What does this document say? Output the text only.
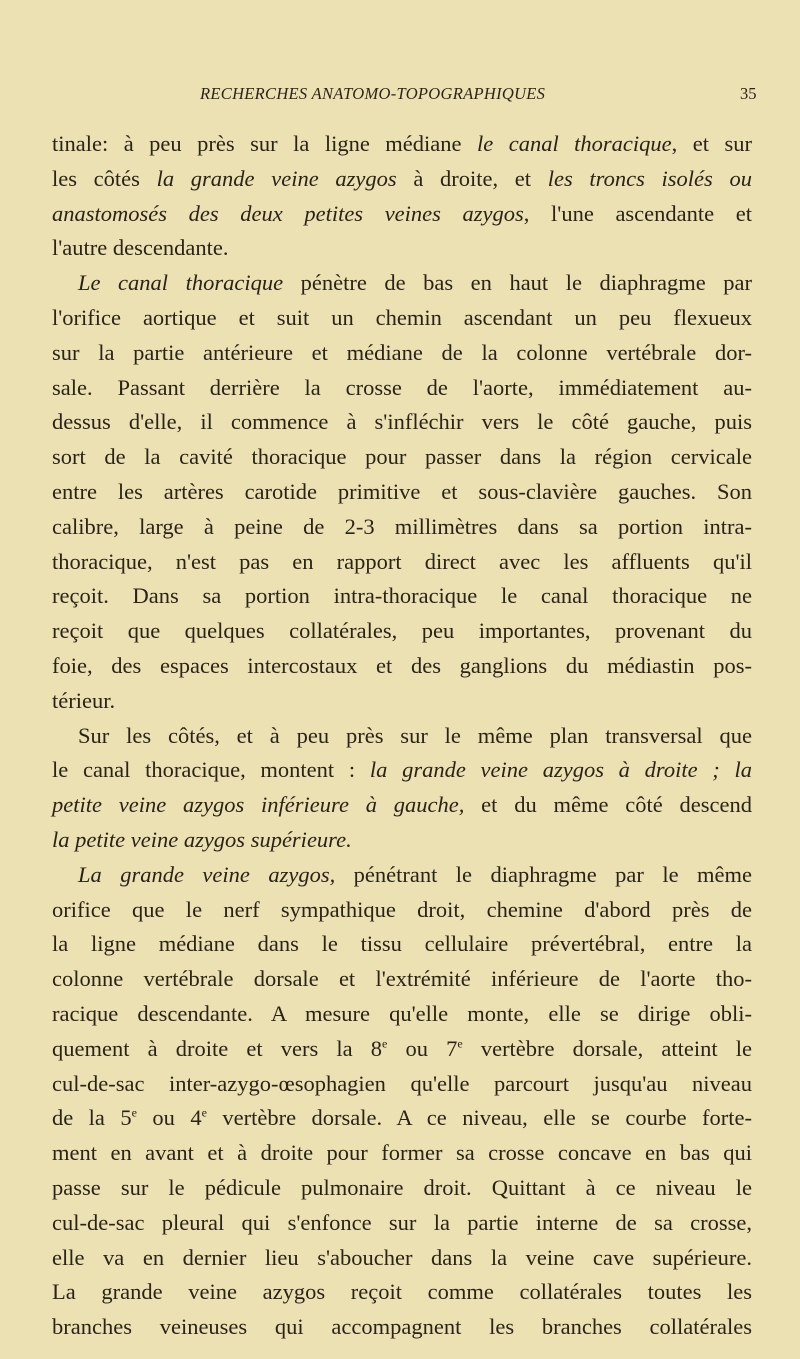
RECHERCHES ANATOMO-TOPOGRAPHIQUES	35
tinale: à peu près sur la ligne médiane le canal thoracique, et sur
les côtés la grande veine azygos à droite, et les troncs isolés ou
anastomosés des deux petites veines azygos, l'une ascendante et
l'autre descendante.
Le canal thoracique pénètre de bas en haut le diaphragme par
l'orifice aortique et suit un chemin ascendant un peu flexueux
sur la partie antérieure et médiane de la colonne vertébrale dor-
sale. Passant derrière la crosse de l'aorte, immédiatement au-
dessus d'elle, il commence à s'infléchir vers le côté gauche, puis
sort de la cavité thoracique pour passer dans la région cervicale
entre les artères carotide primitive et sous-clavière gauches. Son
calibre, large à peine de 2-3 millimètres dans sa portion intra-
thoracique, n'est pas en rapport direct avec les affluents qu'il
reçoit. Dans sa portion intra-thoracique le canal thoracique ne
reçoit que quelques collatérales, peu importantes, provenant du
foie, des espaces intercostaux et des ganglions du médiastin pos-
térieur.
Sur les côtés, et à peu près sur le même plan transversal que
le canal thoracique, montent : la grande veine azygos à droite ; la
petite veine azygos inférieure à gauche, et du même côté descend
la petite veine azygos supérieure.
La grande veine azygos, pénétrant le diaphragme par le même
orifice que le nerf sympathique droit, chemine d'abord près de
la ligne médiane dans le tissu cellulaire prévertébral, entre la
colonne vertébrale dorsale et l'extrémité inférieure de l'aorte tho-
racique descendante. A mesure qu'elle monte, elle se dirige obli-
quement à droite et vers la 8e ou 7e vertèbre dorsale, atteint le
cul-de-sac inter-azygo-œsophagien qu'elle parcourt jusqu'au niveau
de la 5e ou 4e vertèbre dorsale. A ce niveau, elle se courbe forte-
ment en avant et à droite pour former sa crosse concave en bas qui
passe sur le pédicule pulmonaire droit. Quittant à ce niveau le
cul-de-sac pleural qui s'enfonce sur la partie interne de sa crosse,
elle va en dernier lieu s'aboucher dans la veine cave supérieure.
La grande veine azygos reçoit comme collatérales toutes les
branches veineuses qui accompagnent les branches collatérales
